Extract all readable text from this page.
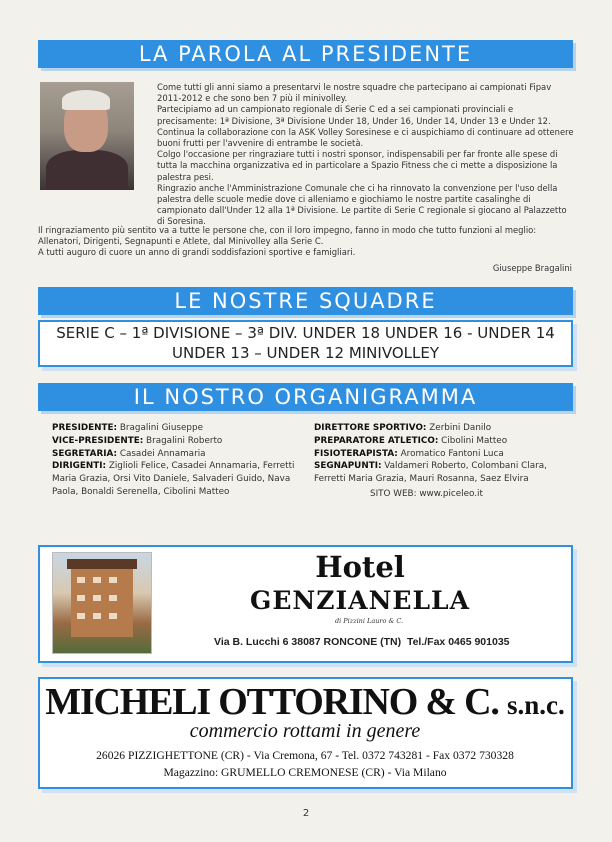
LA PAROLA AL PRESIDENTE

Come tutti gli anni siamo a presentarvi le nostre squadre che partecipano ai campionati Fipav 2011-2012 e che sono ben 7 più il minivolley.

Partecipiamo ad un campionato regionale di Serie C ed a sei campionati provinciali e precisamente: 1ª Divisione, 3ª Divisione Under 18, Under 16, Under 14, Under 13 e Under 12. Continua la collaborazione con la ASK Volley Soresinese e ci auspichiamo di continuare ad ottenere buoni frutti per l'avvenire di entrambe le società.

Colgo l'occasione per ringraziare tutti i nostri sponsor, indispensabili per far fronte alle spese di tutta la macchina organizzativa ed in particolare a Spazio Fitness che ci mette a disposizione la palestra pesi.

Ringrazio anche l'Amministrazione Comunale che ci ha rinnovato la convenzione per l'uso della palestra delle scuole medie dove ci alleniamo e giochiamo le nostre partite casalinghe di campionato dall'Under 12 alla 1ª Divisione. Le partite di Serie C regionale si giocano al Palazzetto di Soresina.

Il ringraziamento più sentito va a tutte le persone che, con il loro impegno, fanno in modo che tutto funzioni al meglio: Allenatori, Dirigenti, Segnapunti e Atlete, dal Minivolley alla Serie C.

A tutti auguro di cuore un anno di grandi soddisfazioni sportive e famigliari.

Giuseppe Bragalini
LE NOSTRE SQUADRE
SERIE C – 1ª DIVISIONE – 3ª DIV. UNDER 18 UNDER 16 - UNDER 14
UNDER 13 – UNDER 12 MINIVOLLEY
IL NOSTRO ORGANIGRAMMA
PRESIDENTE: Bragalini Giuseppe
VICE-PRESIDENTE: Bragalini Roberto
SEGRETARIA: Casadei Annamaria
DIRIGENTI: Ziglioli Felice, Casadei Annamaria, Ferretti Maria Grazia, Orsi Vito Daniele, Salvaderi Guido, Nava Paola, Bonaldi Serenella, Cibolini Matteo
DIRETTORE SPORTIVO: Zerbini Danilo
PREPARATORE ATLETICO: Cibolini Matteo
FISIOTERAPISTA: Aromatico Fantoni Luca
SEGNAPUNTI: Valdameri Roberto, Colombani Clara, Ferretti Maria Grazia, Mauri Rosanna, Saez Elvira
SITO WEB: www.piceleo.it
Hotel
GENZIANELLA
di Pizzini Lauro & C.
Via B. Lucchi 6 38087 RONCONE (TN) Tel./Fax 0465 901035
MICHELI OTTORINO & C. s.n.c.
commercio rottami in genere
26026 PIZZIGHETTONE (CR) - Via Cremona, 67 - Tel. 0372 743281 - Fax 0372 730328
Magazzino: GRUMELLO CREMONESE (CR) - Via Milano
2
